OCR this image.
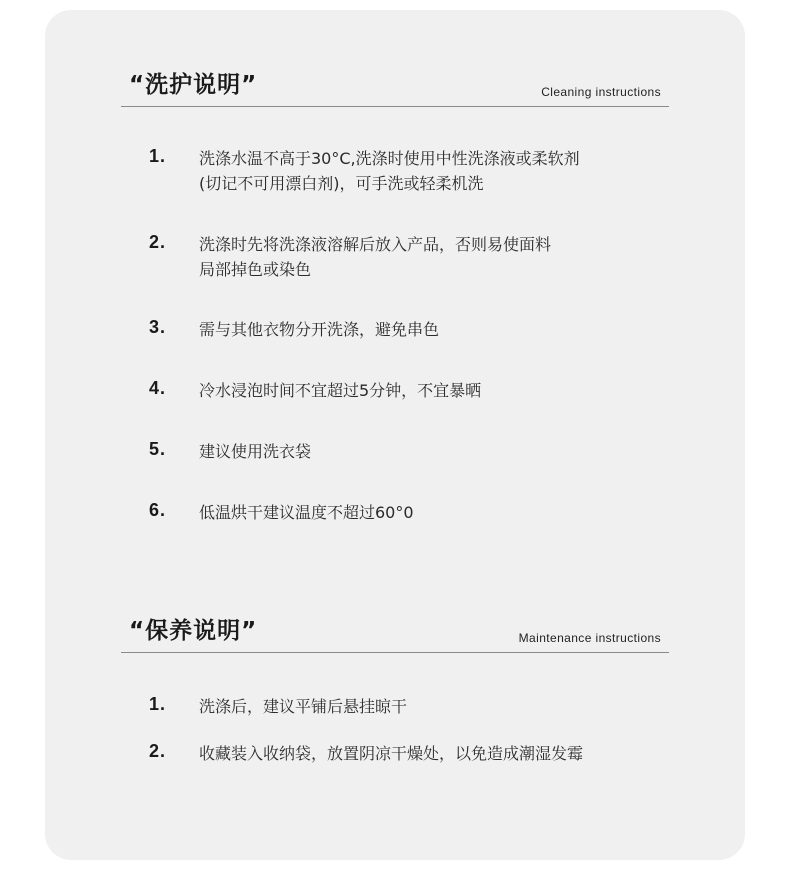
“洗护说明”	Cleaning instructions
1. 洗涤水温不高于30°C,洗涤时使用中性洗涤液或柔软剂
(切记不可用漂白剂)，可手洗或轻柔机洗
2. 洗涤时先将洗涤液溶解后放入产品，否则易使面料
局部掉色或染色
3. 需与其他衣物分开洗涤，避免串色
4. 冷水浸泡时间不宜超过5分钟，不宜暴晒
5. 建议使用洗衣袋
6. 低温烘干建议温度不超过60°0
“保养说明”	Maintenance instructions
1. 洗涤后，建议平铺后悬挂晾干
2. 收藏装入收纳袋，放置阴凉干燥处，以免造成潮湿发霉
